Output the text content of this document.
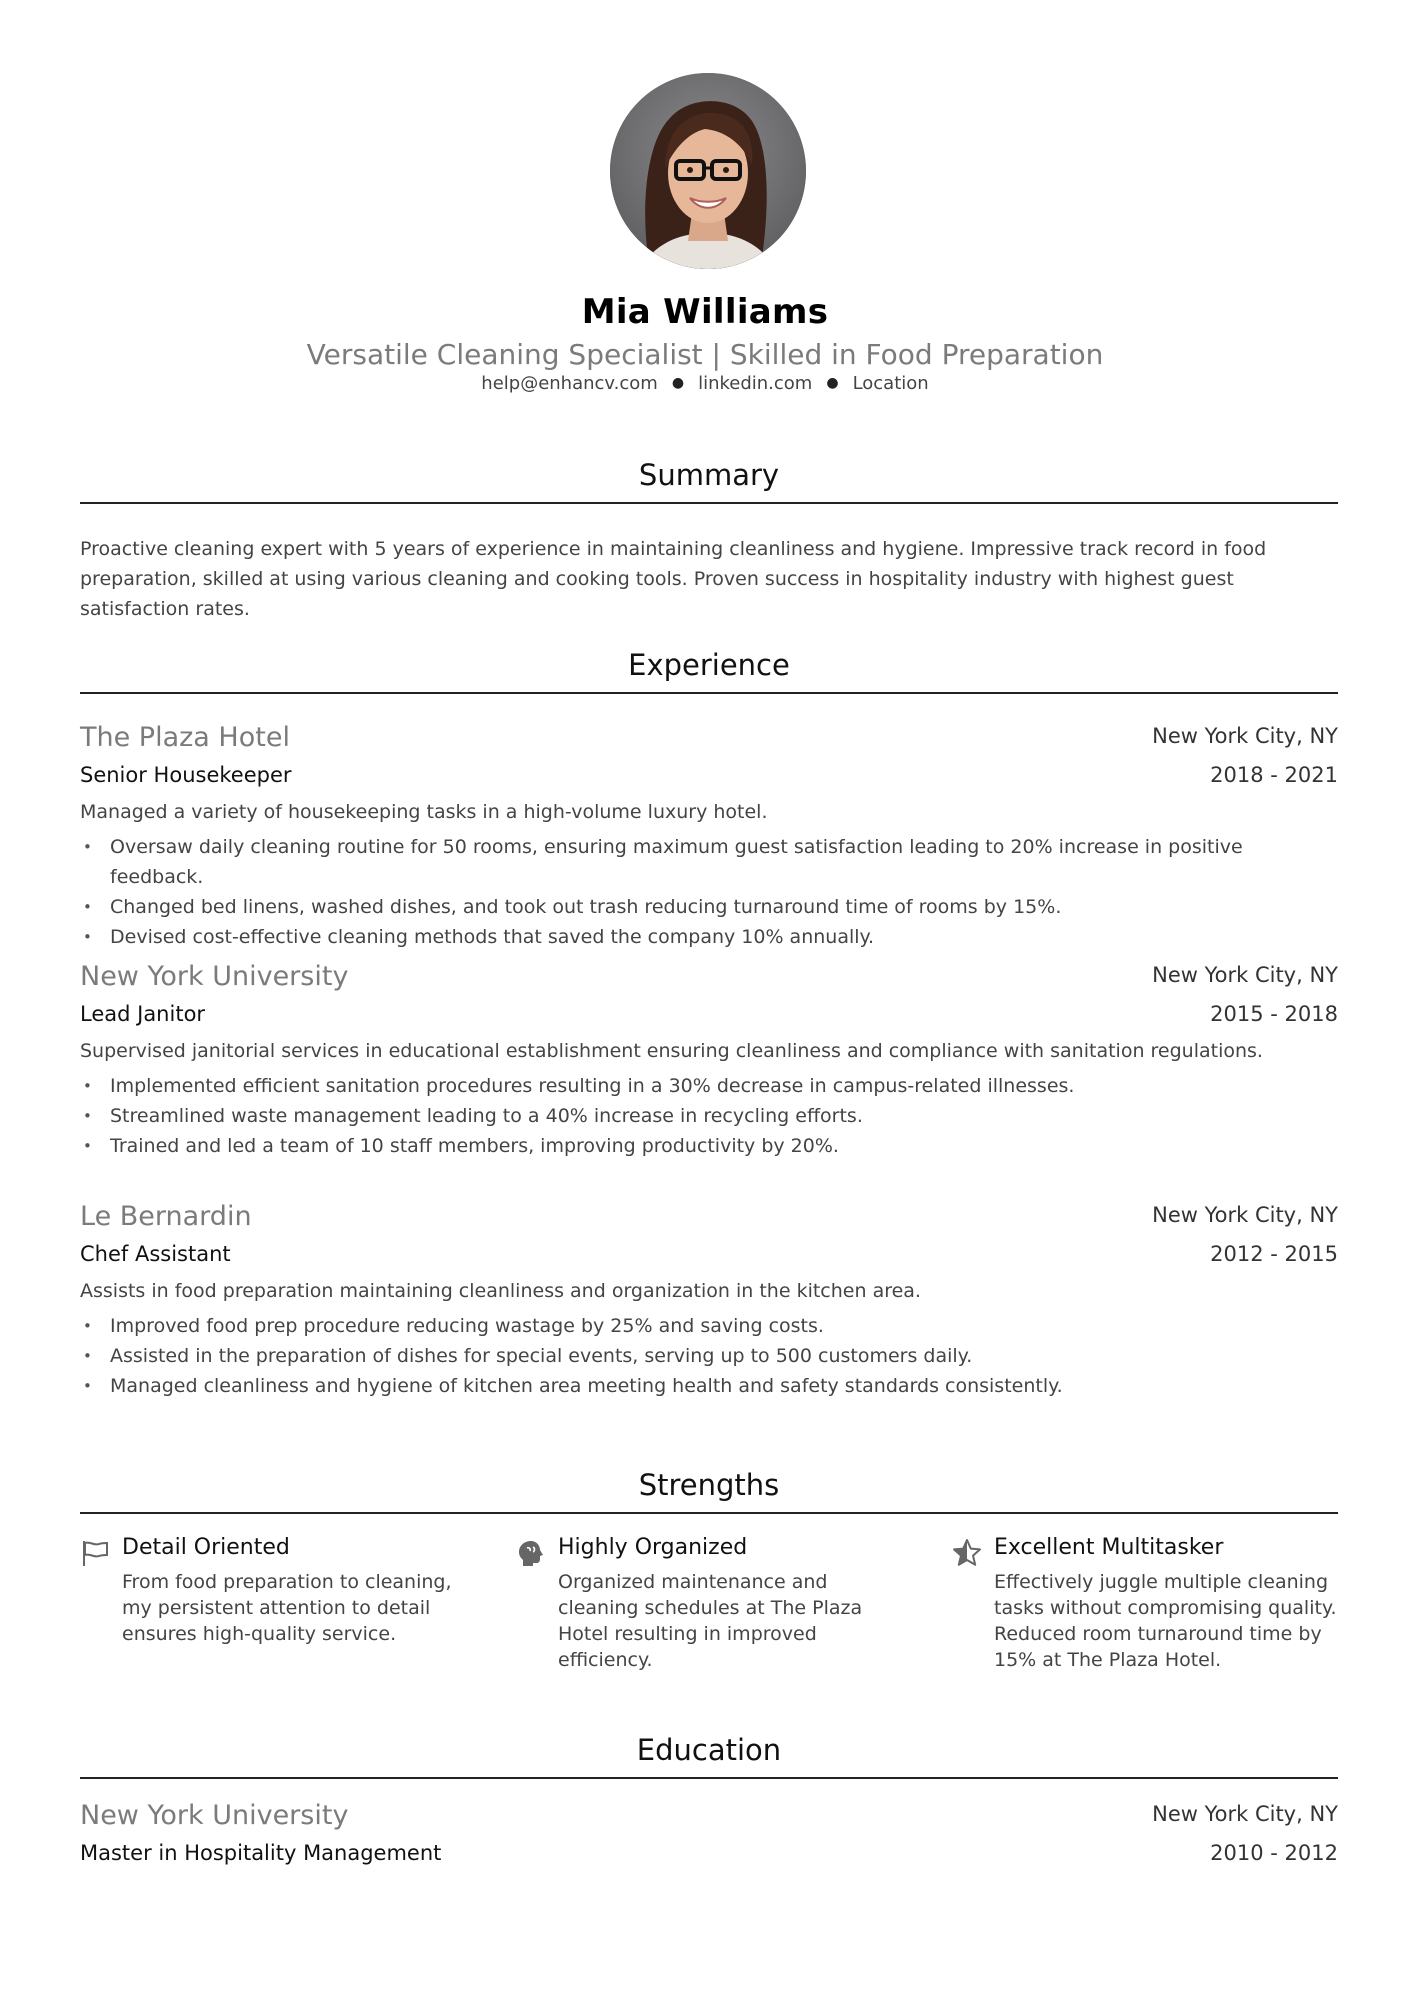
Mia Williams
Versatile Cleaning Specialist | Skilled in Food Preparation
help@enhancv.com ● linkedin.com ● Location
Summary
Proactive cleaning expert with 5 years of experience in maintaining cleanliness and hygiene. Impressive track record in food preparation, skilled at using various cleaning and cooking tools. Proven success in hospitality industry with highest guest satisfaction rates.
Experience
The Plaza Hotel	New York City, NY
Senior Housekeeper	2018 - 2021
Managed a variety of housekeeping tasks in a high-volume luxury hotel.
• Oversaw daily cleaning routine for 50 rooms, ensuring maximum guest satisfaction leading to 20% increase in positive feedback.
• Changed bed linens, washed dishes, and took out trash reducing turnaround time of rooms by 15%.
• Devised cost-effective cleaning methods that saved the company 10% annually.
New York University	New York City, NY
Lead Janitor	2015 - 2018
Supervised janitorial services in educational establishment ensuring cleanliness and compliance with sanitation regulations.
• Implemented efficient sanitation procedures resulting in a 30% decrease in campus-related illnesses.
• Streamlined waste management leading to a 40% increase in recycling efforts.
• Trained and led a team of 10 staff members, improving productivity by 20%.
Le Bernardin	New York City, NY
Chef Assistant	2012 - 2015
Assists in food preparation maintaining cleanliness and organization in the kitchen area.
• Improved food prep procedure reducing wastage by 25% and saving costs.
• Assisted in the preparation of dishes for special events, serving up to 500 customers daily.
• Managed cleanliness and hygiene of kitchen area meeting health and safety standards consistently.
Strengths
Detail Oriented
From food preparation to cleaning, my persistent attention to detail ensures high-quality service.
Highly Organized
Organized maintenance and cleaning schedules at The Plaza Hotel resulting in improved efficiency.
Excellent Multitasker
Effectively juggle multiple cleaning tasks without compromising quality. Reduced room turnaround time by 15% at The Plaza Hotel.
Education
New York University	New York City, NY
Master in Hospitality Management	2010 - 2012
